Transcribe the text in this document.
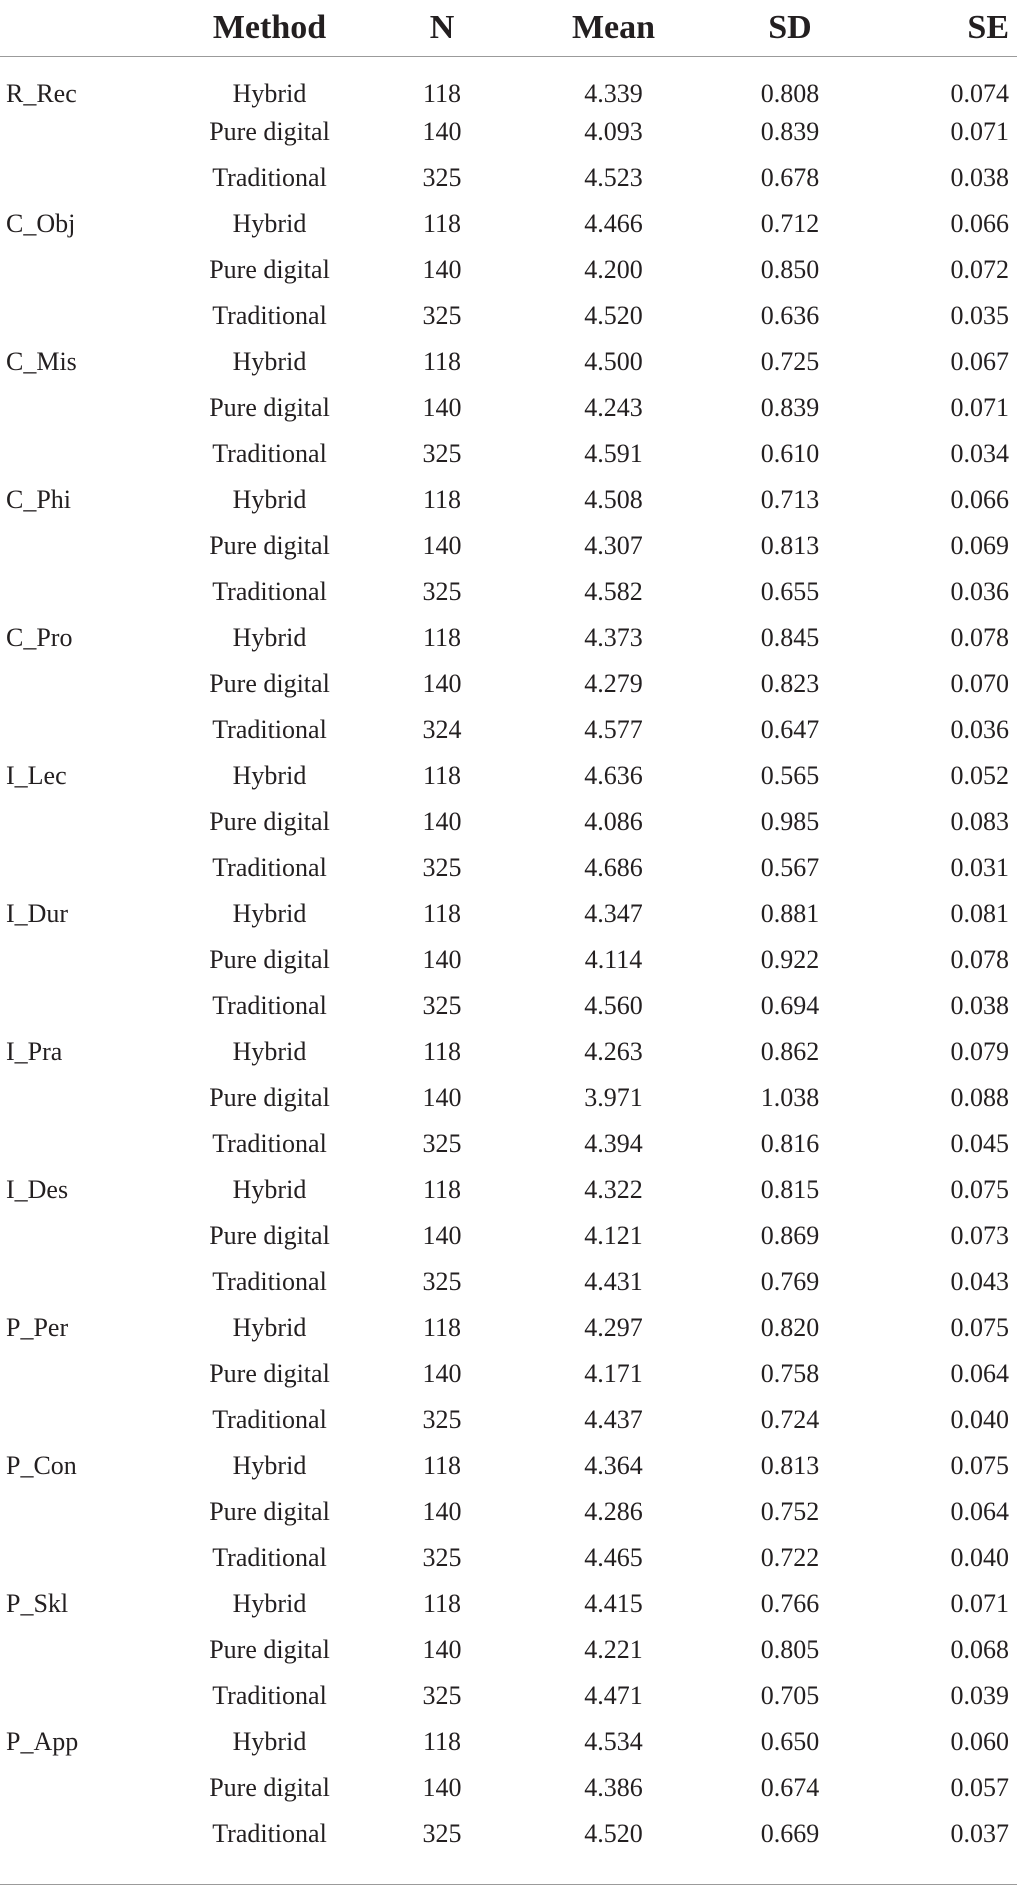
	Method	N	Mean	SD	SE
R_Rec	Hybrid	118	4.339	0.808	0.074
	Pure digital	140	4.093	0.839	0.071
	Traditional	325	4.523	0.678	0.038
C_Obj	Hybrid	118	4.466	0.712	0.066
	Pure digital	140	4.200	0.850	0.072
	Traditional	325	4.520	0.636	0.035
C_Mis	Hybrid	118	4.500	0.725	0.067
	Pure digital	140	4.243	0.839	0.071
	Traditional	325	4.591	0.610	0.034
C_Phi	Hybrid	118	4.508	0.713	0.066
	Pure digital	140	4.307	0.813	0.069
	Traditional	325	4.582	0.655	0.036
C_Pro	Hybrid	118	4.373	0.845	0.078
	Pure digital	140	4.279	0.823	0.070
	Traditional	324	4.577	0.647	0.036
I_Lec	Hybrid	118	4.636	0.565	0.052
	Pure digital	140	4.086	0.985	0.083
	Traditional	325	4.686	0.567	0.031
I_Dur	Hybrid	118	4.347	0.881	0.081
	Pure digital	140	4.114	0.922	0.078
	Traditional	325	4.560	0.694	0.038
I_Pra	Hybrid	118	4.263	0.862	0.079
	Pure digital	140	3.971	1.038	0.088
	Traditional	325	4.394	0.816	0.045
I_Des	Hybrid	118	4.322	0.815	0.075
	Pure digital	140	4.121	0.869	0.073
	Traditional	325	4.431	0.769	0.043
P_Per	Hybrid	118	4.297	0.820	0.075
	Pure digital	140	4.171	0.758	0.064
	Traditional	325	4.437	0.724	0.040
P_Con	Hybrid	118	4.364	0.813	0.075
	Pure digital	140	4.286	0.752	0.064
	Traditional	325	4.465	0.722	0.040
P_Skl	Hybrid	118	4.415	0.766	0.071
	Pure digital	140	4.221	0.805	0.068
	Traditional	325	4.471	0.705	0.039
P_App	Hybrid	118	4.534	0.650	0.060
	Pure digital	140	4.386	0.674	0.057
	Traditional	325	4.520	0.669	0.037
